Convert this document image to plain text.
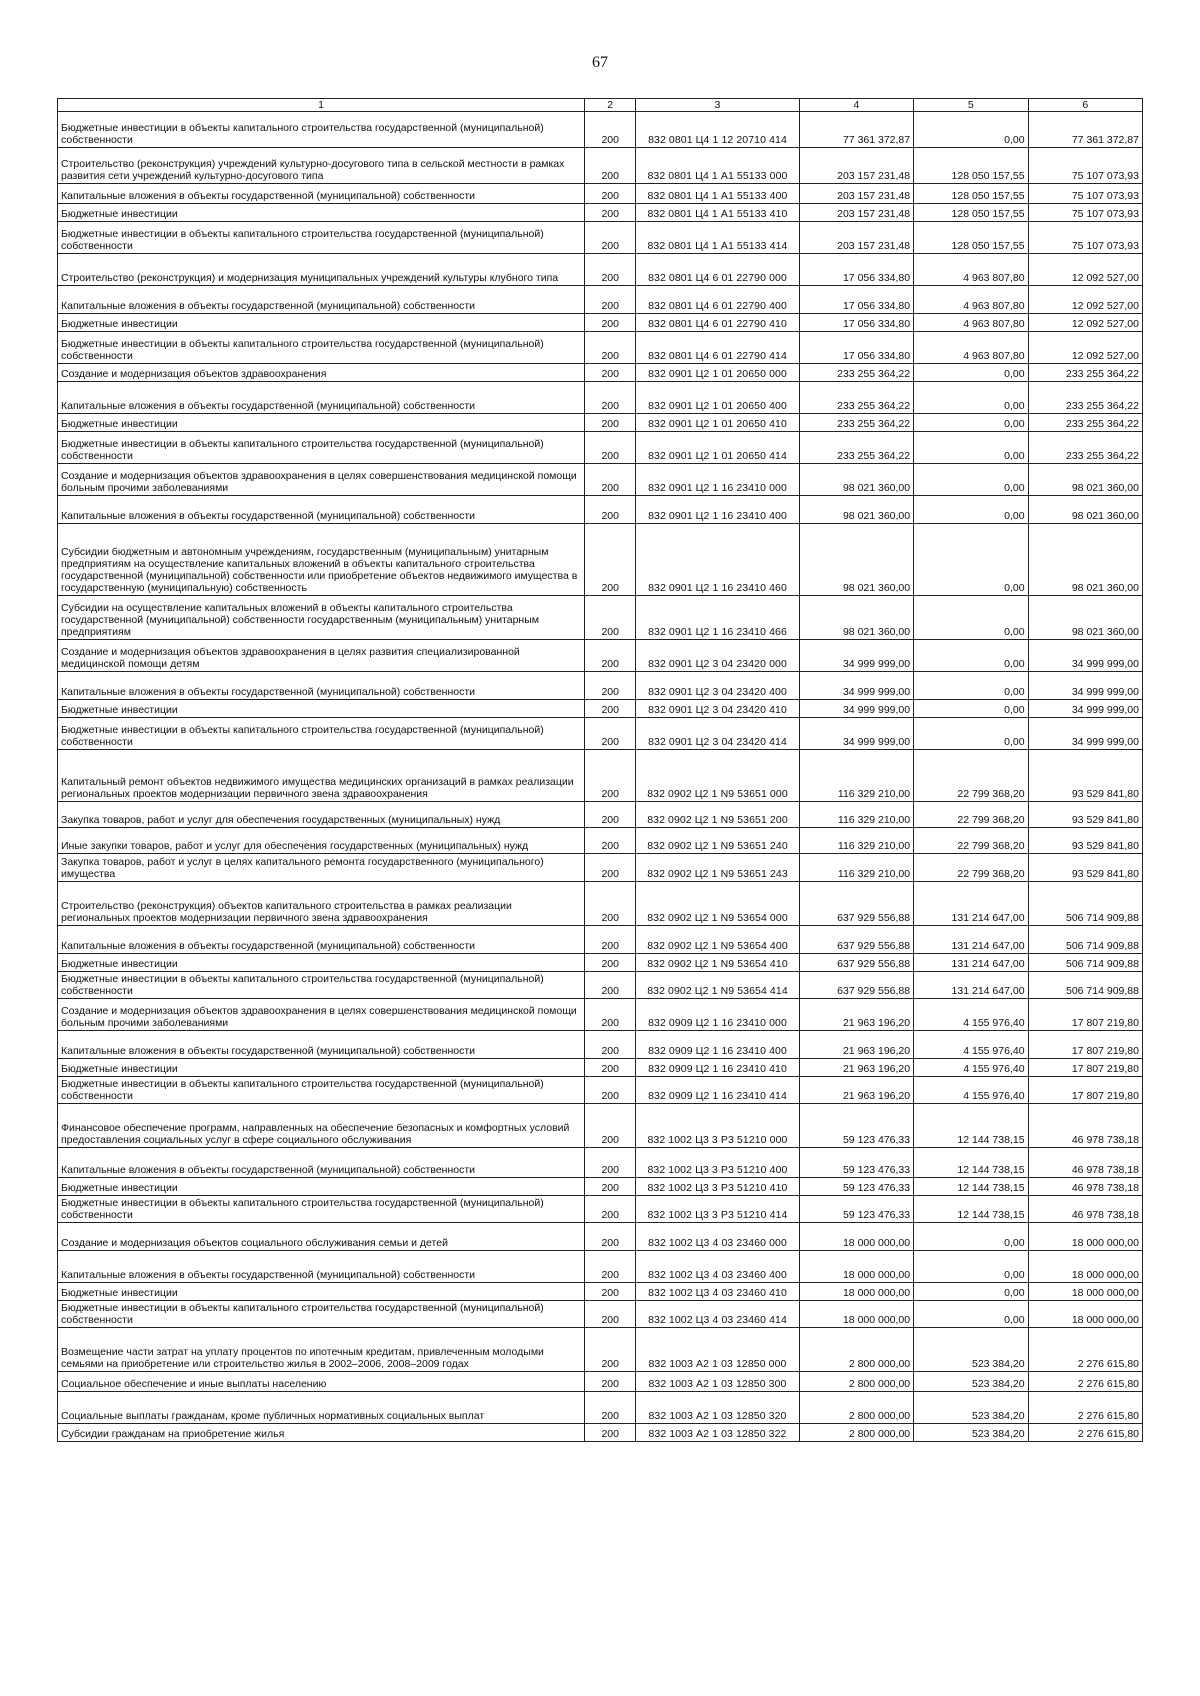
67
1	2	3	4	5	6
Бюджетные инвестиции в объекты капитального строительства государственной (муниципальной) собственности	200	832 0801 Ц4 1 12 20710 414	77 361 372,87	0,00	77 361 372,87
Строительство (реконструкция) учреждений культурно-досугового типа в сельской местности в рамках развития сети учреждений культурно-досугового типа	200	832 0801 Ц4 1 А1 55133 000	203 157 231,48	128 050 157,55	75 107 073,93
Капитальные вложения в объекты государственной (муниципальной) собственности	200	832 0801 Ц4 1 А1 55133 400	203 157 231,48	128 050 157,55	75 107 073,93
Бюджетные инвестиции	200	832 0801 Ц4 1 А1 55133 410	203 157 231,48	128 050 157,55	75 107 073,93
Бюджетные инвестиции в объекты капитального строительства государственной (муниципальной) собственности	200	832 0801 Ц4 1 А1 55133 414	203 157 231,48	128 050 157,55	75 107 073,93
Строительство (реконструкция) и модернизация муниципальных учреждений культуры клубного типа	200	832 0801 Ц4 6 01 22790 000	17 056 334,80	4 963 807,80	12 092 527,00
Капитальные вложения в объекты государственной (муниципальной) собственности	200	832 0801 Ц4 6 01 22790 400	17 056 334,80	4 963 807,80	12 092 527,00
Бюджетные инвестиции	200	832 0801 Ц4 6 01 22790 410	17 056 334,80	4 963 807,80	12 092 527,00
Бюджетные инвестиции в объекты капитального строительства государственной (муниципальной) собственности	200	832 0801 Ц4 6 01 22790 414	17 056 334,80	4 963 807,80	12 092 527,00
Создание и модернизация объектов здравоохранения	200	832 0901 Ц2 1 01 20650 000	233 255 364,22	0,00	233 255 364,22
Капитальные вложения в объекты государственной (муниципальной) собственности	200	832 0901 Ц2 1 01 20650 400	233 255 364,22	0,00	233 255 364,22
Бюджетные инвестиции	200	832 0901 Ц2 1 01 20650 410	233 255 364,22	0,00	233 255 364,22
Бюджетные инвестиции в объекты капитального строительства государственной (муниципальной) собственности	200	832 0901 Ц2 1 01 20650 414	233 255 364,22	0,00	233 255 364,22
Создание и модернизация объектов здравоохранения в целях совершенствования медицинской помощи больным прочими заболеваниями	200	832 0901 Ц2 1 16 23410 000	98 021 360,00	0,00	98 021 360,00
Капитальные вложения в объекты государственной (муниципальной) собственности	200	832 0901 Ц2 1 16 23410 400	98 021 360,00	0,00	98 021 360,00
Субсидии бюджетным и автономным учреждениям, государственным (муниципальным) унитарным предприятиям на осуществление капитальных вложений в объекты капитального строительства государственной (муниципальной) собственности или приобретение объектов недвижимого имущества в государственную (муниципальную) собственность	200	832 0901 Ц2 1 16 23410 460	98 021 360,00	0,00	98 021 360,00
Субсидии на осуществление капитальных вложений в объекты капитального строительства государственной (муниципальной) собственности государственным (муниципальным) унитарным предприятиям	200	832 0901 Ц2 1 16 23410 466	98 021 360,00	0,00	98 021 360,00
Создание и модернизация объектов здравоохранения в целях развития специализированной медицинской помощи детям	200	832 0901 Ц2 3 04 23420 000	34 999 999,00	0,00	34 999 999,00
Капитальные вложения в объекты государственной (муниципальной) собственности	200	832 0901 Ц2 3 04 23420 400	34 999 999,00	0,00	34 999 999,00
Бюджетные инвестиции	200	832 0901 Ц2 3 04 23420 410	34 999 999,00	0,00	34 999 999,00
Бюджетные инвестиции в объекты капитального строительства государственной (муниципальной) собственности	200	832 0901 Ц2 3 04 23420 414	34 999 999,00	0,00	34 999 999,00
Капитальный ремонт объектов недвижимого имущества медицинских организаций в рамках реализации региональных проектов модернизации первичного звена здравоохранения	200	832 0902 Ц2 1 N9 53651 000	116 329 210,00	22 799 368,20	93 529 841,80
Закупка товаров, работ и услуг для обеспечения государственных (муниципальных) нужд	200	832 0902 Ц2 1 N9 53651 200	116 329 210,00	22 799 368,20	93 529 841,80
Иные закупки товаров, работ и услуг для обеспечения государственных (муниципальных) нужд	200	832 0902 Ц2 1 N9 53651 240	116 329 210,00	22 799 368,20	93 529 841,80
Закупка товаров, работ и услуг в целях капитального ремонта государственного (муниципального) имущества	200	832 0902 Ц2 1 N9 53651 243	116 329 210,00	22 799 368,20	93 529 841,80
Строительство (реконструкция) объектов капитального строительства в рамках реализации региональных проектов модернизации первичного звена здравоохранения	200	832 0902 Ц2 1 N9 53654 000	637 929 556,88	131 214 647,00	506 714 909,88
Капитальные вложения в объекты государственной (муниципальной) собственности	200	832 0902 Ц2 1 N9 53654 400	637 929 556,88	131 214 647,00	506 714 909,88
Бюджетные инвестиции	200	832 0902 Ц2 1 N9 53654 410	637 929 556,88	131 214 647,00	506 714 909,88
Бюджетные инвестиции в объекты капитального строительства государственной (муниципальной) собственности	200	832 0902 Ц2 1 N9 53654 414	637 929 556,88	131 214 647,00	506 714 909,88
Создание и модернизация объектов здравоохранения в целях совершенствования медицинской помощи больным прочими заболеваниями	200	832 0909 Ц2 1 16 23410 000	21 963 196,20	4 155 976,40	17 807 219,80
Капитальные вложения в объекты государственной (муниципальной) собственности	200	832 0909 Ц2 1 16 23410 400	21 963 196,20	4 155 976,40	17 807 219,80
Бюджетные инвестиции	200	832 0909 Ц2 1 16 23410 410	21 963 196,20	4 155 976,40	17 807 219,80
Бюджетные инвестиции в объекты капитального строительства государственной (муниципальной) собственности	200	832 0909 Ц2 1 16 23410 414	21 963 196,20	4 155 976,40	17 807 219,80
Финансовое обеспечение программ, направленных на обеспечение безопасных и комфортных условий предоставления социальных услуг в сфере социального обслуживания	200	832 1002 Ц3 3 Р3 51210 000	59 123 476,33	12 144 738,15	46 978 738,18
Капитальные вложения в объекты государственной (муниципальной) собственности	200	832 1002 Ц3 3 Р3 51210 400	59 123 476,33	12 144 738,15	46 978 738,18
Бюджетные инвестиции	200	832 1002 Ц3 3 Р3 51210 410	59 123 476,33	12 144 738,15	46 978 738,18
Бюджетные инвестиции в объекты капитального строительства государственной (муниципальной) собственности	200	832 1002 Ц3 3 Р3 51210 414	59 123 476,33	12 144 738,15	46 978 738,18
Создание и модернизация объектов социального обслуживания семьи и детей	200	832 1002 Ц3 4 03 23460 000	18 000 000,00	0,00	18 000 000,00
Капитальные вложения в объекты государственной (муниципальной) собственности	200	832 1002 Ц3 4 03 23460 400	18 000 000,00	0,00	18 000 000,00
Бюджетные инвестиции	200	832 1002 Ц3 4 03 23460 410	18 000 000,00	0,00	18 000 000,00
Бюджетные инвестиции в объекты капитального строительства государственной (муниципальной) собственности	200	832 1002 Ц3 4 03 23460 414	18 000 000,00	0,00	18 000 000,00
Возмещение части затрат на уплату процентов по ипотечным кредитам, привлеченным молодыми семьями на приобретение или строительство жилья в 2002–2006, 2008–2009 годах	200	832 1003 А2 1 03 12850 000	2 800 000,00	523 384,20	2 276 615,80
Социальное обеспечение и иные выплаты населению	200	832 1003 А2 1 03 12850 300	2 800 000,00	523 384,20	2 276 615,80
Социальные выплаты гражданам, кроме публичных нормативных социальных выплат	200	832 1003 А2 1 03 12850 320	2 800 000,00	523 384,20	2 276 615,80
Субсидии гражданам на приобретение жилья	200	832 1003 А2 1 03 12850 322	2 800 000,00	523 384,20	2 276 615,80
